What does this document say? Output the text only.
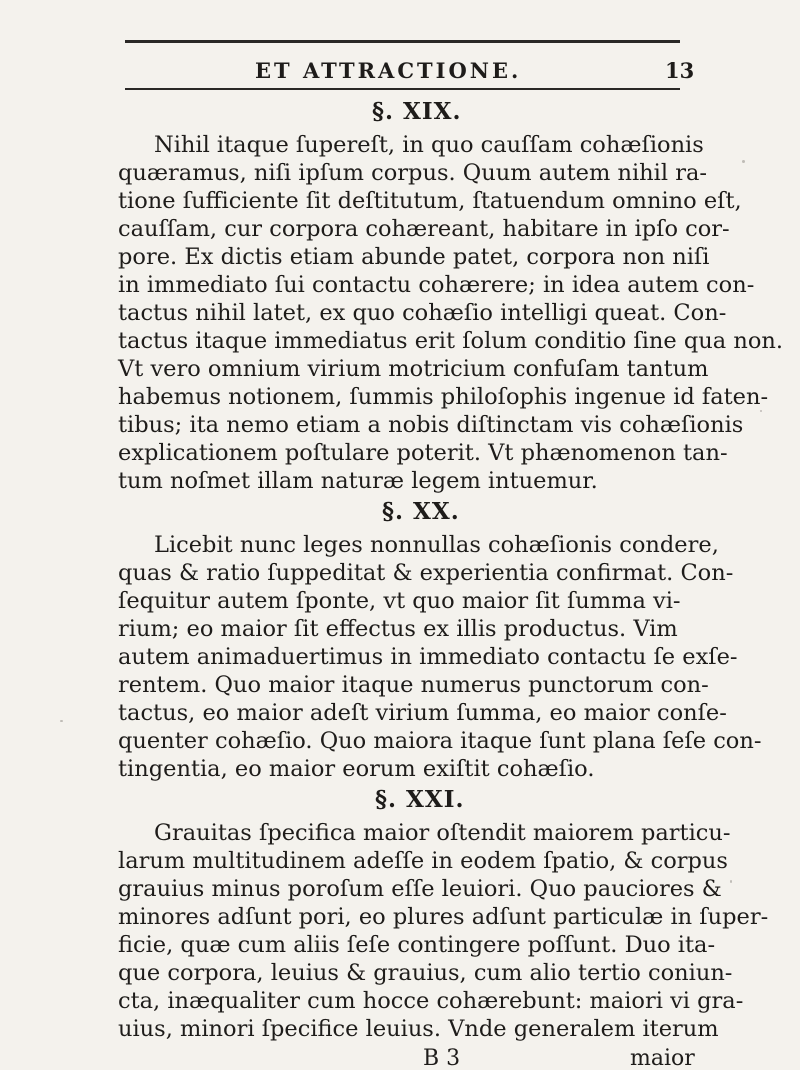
ET ATTRACTIONE.	13
§. XIX.
Nihil itaque ſupereſt, in quo cauſſam cohæſionis
quæramus, niſi ipſum corpus. Quum autem nihil ra-
tione ſufficiente ſit deſtitutum, ſtatuendum omnino eſt,
cauſſam, cur corpora cohæreant, habitare in ipſo cor-
pore. Ex dictis etiam abunde patet, corpora non niſi
in immediato ſui contactu cohærere; in idea autem con-
tactus nihil latet, ex quo cohæſio intelligi queat. Con-
tactus itaque immediatus erit ſolum conditio ſine qua non.
Vt vero omnium virium motricium confuſam tantum
habemus notionem, ſummis philoſophis ingenue id faten-
tibus; ita nemo etiam a nobis diſtinctam vis cohæſionis
explicationem poſtulare poterit. Vt phænomenon tan-
tum noſmet illam naturæ legem intuemur.
§. XX.
Licebit nunc leges nonnullas cohæſionis condere,
quas & ratio ſuppeditat & experientia confirmat. Con-
ſequitur autem ſponte, vt quo maior ſit ſumma vi-
rium; eo maior ſit effectus ex illis productus. Vim
autem animaduertimus in immediato contactu ſe exſe-
rentem. Quo maior itaque numerus punctorum con-
tactus, eo maior adeſt virium ſumma, eo maior conſe-
quenter cohæſio. Quo maiora itaque ſunt plana ſeſe con-
tingentia, eo maior eorum exiſtit cohæſio.
§. XXI.
Grauitas ſpecifica maior oſtendit maiorem particu-
larum multitudinem adeſſe in eodem ſpatio, & corpus
grauius minus poroſum eſſe leuiori. Quo pauciores &
minores adſunt pori, eo plures adſunt particulæ in ſuper-
ficie, quæ cum aliis ſeſe contingere poſſunt. Duo ita-
que corpora, leuius & grauius, cum alio tertio coniun-
cta, inæqualiter cum hocce cohærebunt: maiori vi gra-
uius, minori ſpecifice leuius. Vnde generalem iterum
B 3	maior
